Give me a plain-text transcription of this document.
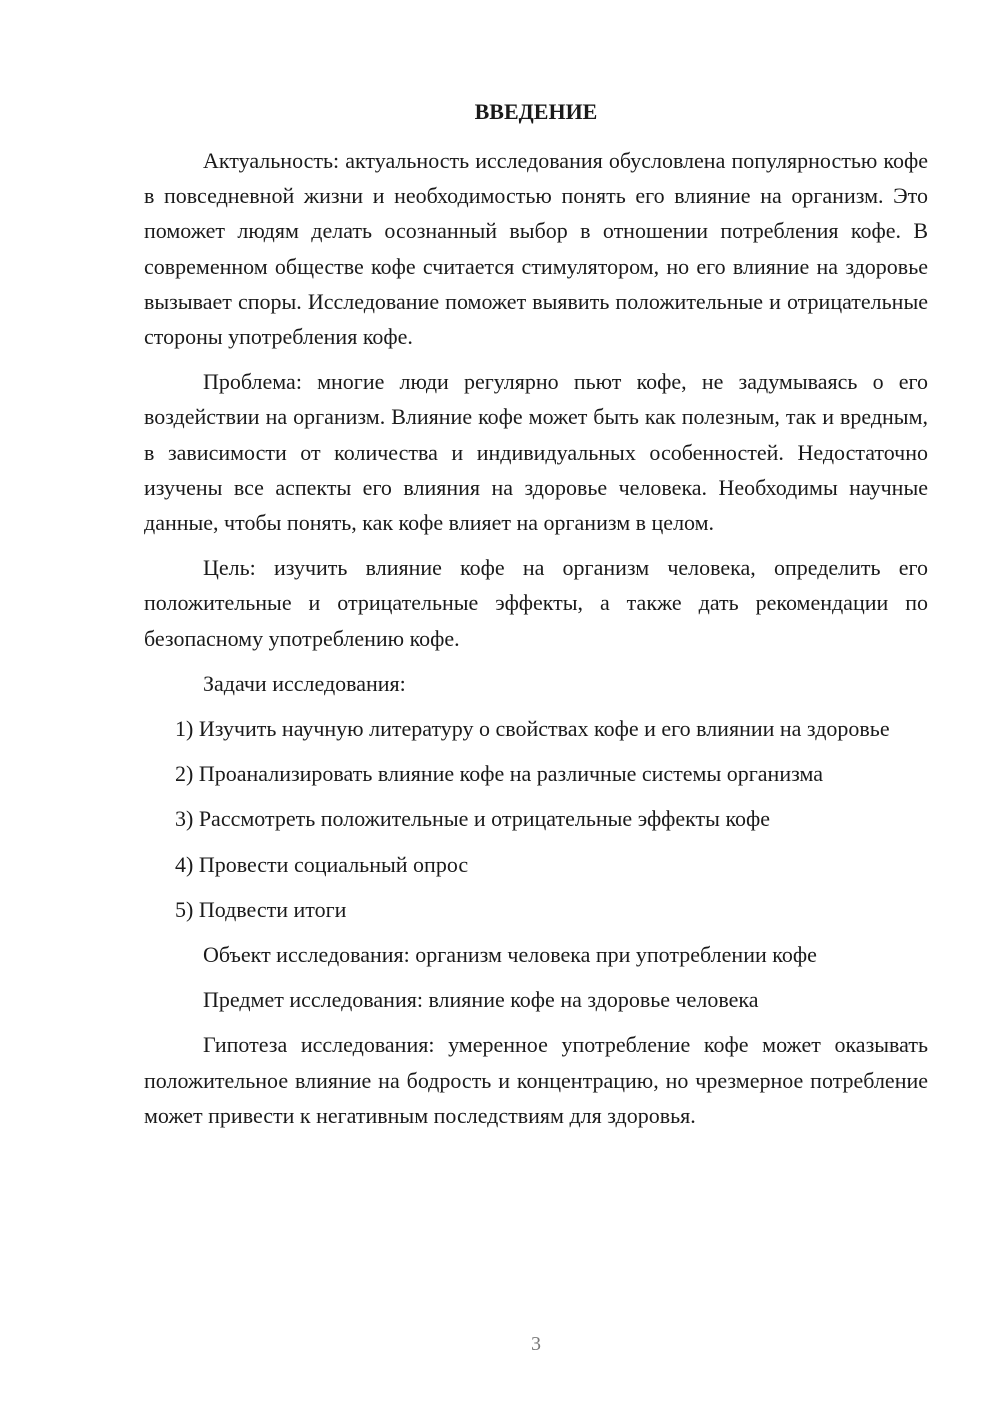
ВВЕДЕНИЕ

Актуальность: актуальность исследования обусловлена популярностью кофе в повседневной жизни и необходимостью понять его влияние на организм. Это поможет людям делать осознанный выбор в отношении потребления кофе. В современном обществе кофе считается стимулятором, но его влияние на здоровье вызывает споры. Исследование поможет выявить положительные и отрицательные стороны употребления кофе.

Проблема: многие люди регулярно пьют кофе, не задумываясь о его воздействии на организм. Влияние кофе может быть как полезным, так и вредным, в зависимости от количества и индивидуальных особенностей. Недостаточно изучены все аспекты его влияния на здоровье человека. Необходимы научные данные, чтобы понять, как кофе влияет на организм в целом.

Цель: изучить влияние кофе на организм человека, определить его положительные и отрицательные эффекты, а также дать рекомендации по безопасному употреблению кофе.

Задачи исследования:

1) Изучить научную литературу о свойствах кофе и его влиянии на здоровье

2) Проанализировать влияние кофе на различные системы организма

3) Рассмотреть положительные и отрицательные эффекты кофе

4) Провести социальный опрос

5) Подвести итоги

Объект исследования: организм человека при употреблении кофе

Предмет исследования: влияние кофе на здоровье человека

Гипотеза исследования: умеренное употребление кофе может оказывать положительное влияние на бодрость и концентрацию, но чрезмерное потребление может привести к негативным последствиям для здоровья.

3
